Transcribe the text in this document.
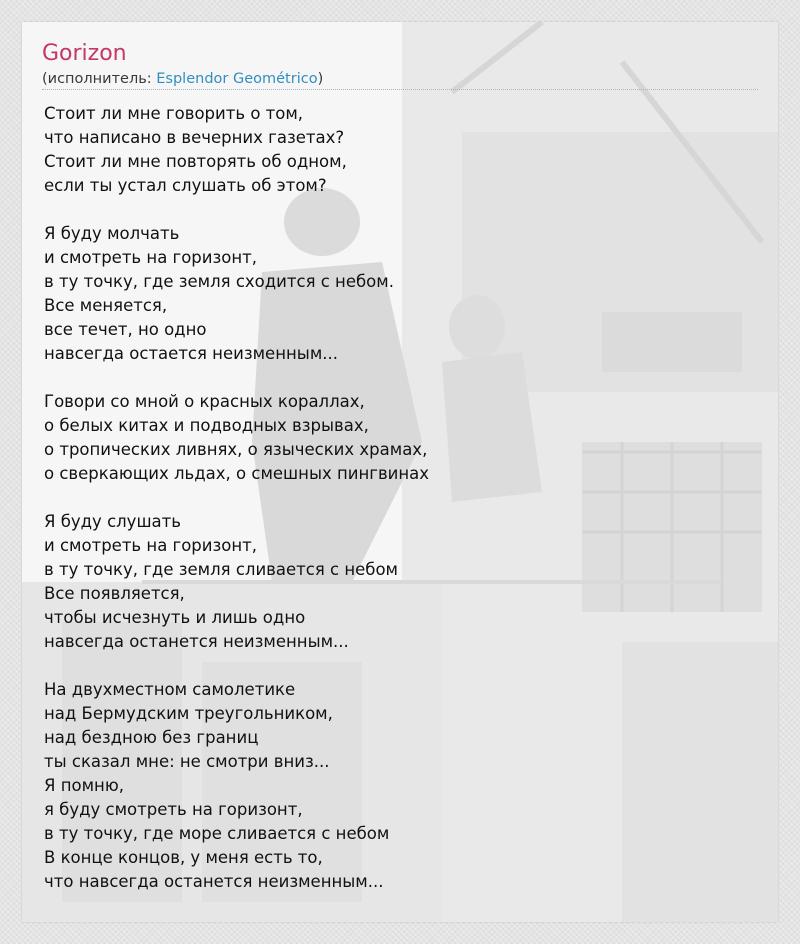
Gorizon
(исполнитель: Esplendor Geométrico)
Стоит ли мне говорить о том,
что написано в вечерних газетах?
Стоит ли мне повторять об одном,
если ты устал слушать об этом?
Я буду молчать
и смотреть на горизонт,
в ту точку, где земля сходится с небом.
Все меняется,
все течет, но одно
навсегда остается неизменным...
Говори со мной о красных кораллах,
о белых китах и подводных взрывах,
о тропических ливнях, о языческих храмах,
о сверкающих льдах, о смешных пингвинах
Я буду слушать
и смотреть на горизонт,
в ту точку, где земля сливается с небом
Все появляется,
чтобы исчезнуть и лишь одно
навсегда останется неизменным...
На двухместном самолетике
над Бермудским треугольником,
над бездною без границ
ты сказал мне: не смотри вниз...
Я помню,
я буду смотреть на горизонт,
в ту точку, где море сливается с небом
В конце концов, у меня есть то,
что навсегда останется неизменным...
